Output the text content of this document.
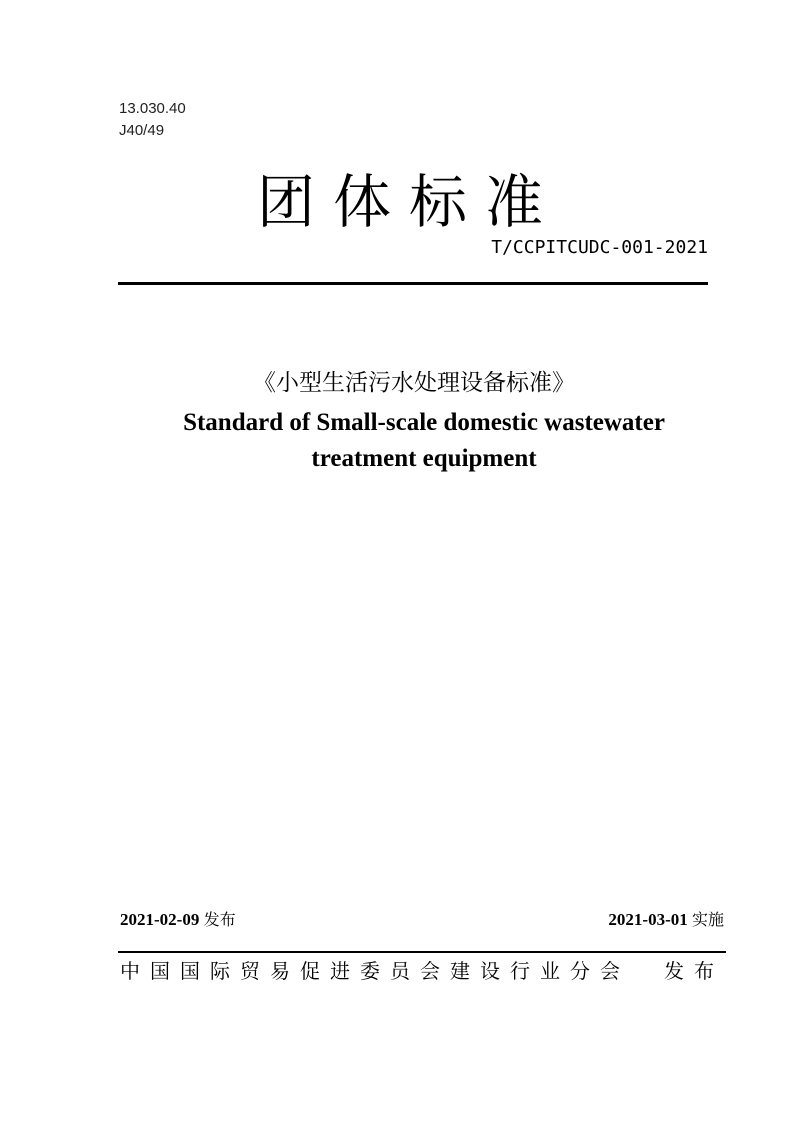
13.030.40
J40/49
团体标准
T/CCPITCUDC-001-2021
《小型生活污水处理设备标准》
Standard of Small-scale domestic wastewater
treatment equipment
2021-02-09 发布	2021-03-01 实施
中国国际贸易促进委员会建设行业分会 发布
